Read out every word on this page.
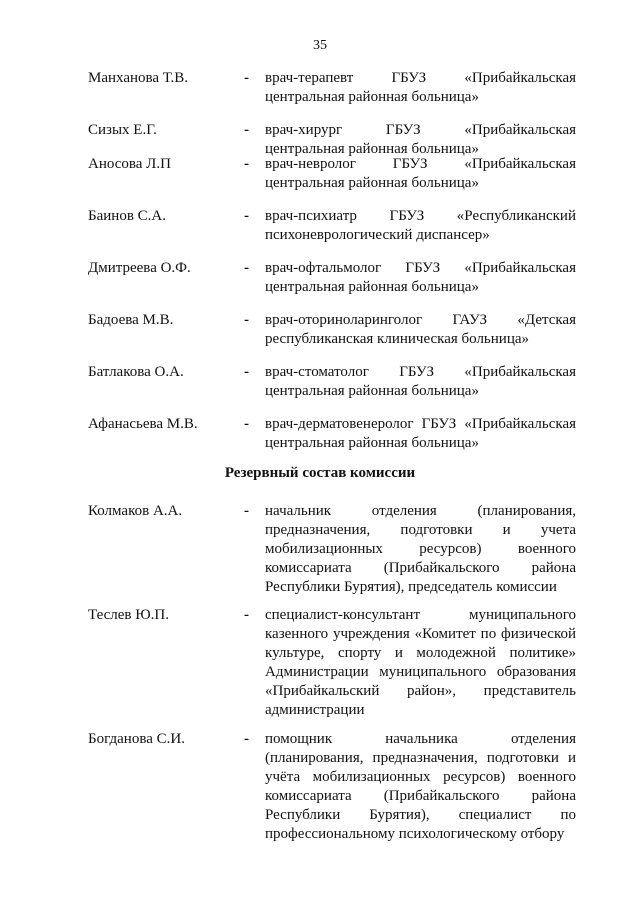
35
Манханова Т.В.	- врач-терапевт ГБУЗ «Прибайкальская центральная районная больница»
Сизых Е.Г.	- врач-хирург ГБУЗ «Прибайкальская центральная районная больница»
Аносова Л.П	- врач-невролог ГБУЗ «Прибайкальская центральная районная больница»
Баинов С.А.	- врач-психиатр ГБУЗ «Республиканский психоневрологический диспансер»
Дмитреева О.Ф.	- врач-офтальмолог ГБУЗ «Прибайкальская центральная районная больница»
Бадоева М.В.	- врач-оториноларинголог ГАУЗ «Детская республиканская клиническая больница»
Батлакова О.А.	- врач-стоматолог ГБУЗ «Прибайкальская центральная районная больница»
Афанасьева М.В.	- врач-дерматовенеролог ГБУЗ «Прибайкальская центральная районная больница»
Резервный состав комиссии
Колмаков А.А.	- начальник отделения (планирования, предназначения, подготовки и учета мобилизационных ресурсов) военного комиссариата (Прибайкальского района Республики Бурятия), председатель комиссии
Теслев Ю.П.	- специалист-консультант муниципального казенного учреждения «Комитет по физической культуре, спорту и молодежной политике» Администрации муниципального образования «Прибайкальский район», представитель администрации
Богданова С.И.	- помощник начальника отделения (планирования, предназначения, подготовки и учёта мобилизационных ресурсов) военного комиссариата (Прибайкальского района Республики Бурятия), специалист по профессиональному психологическому отбору
